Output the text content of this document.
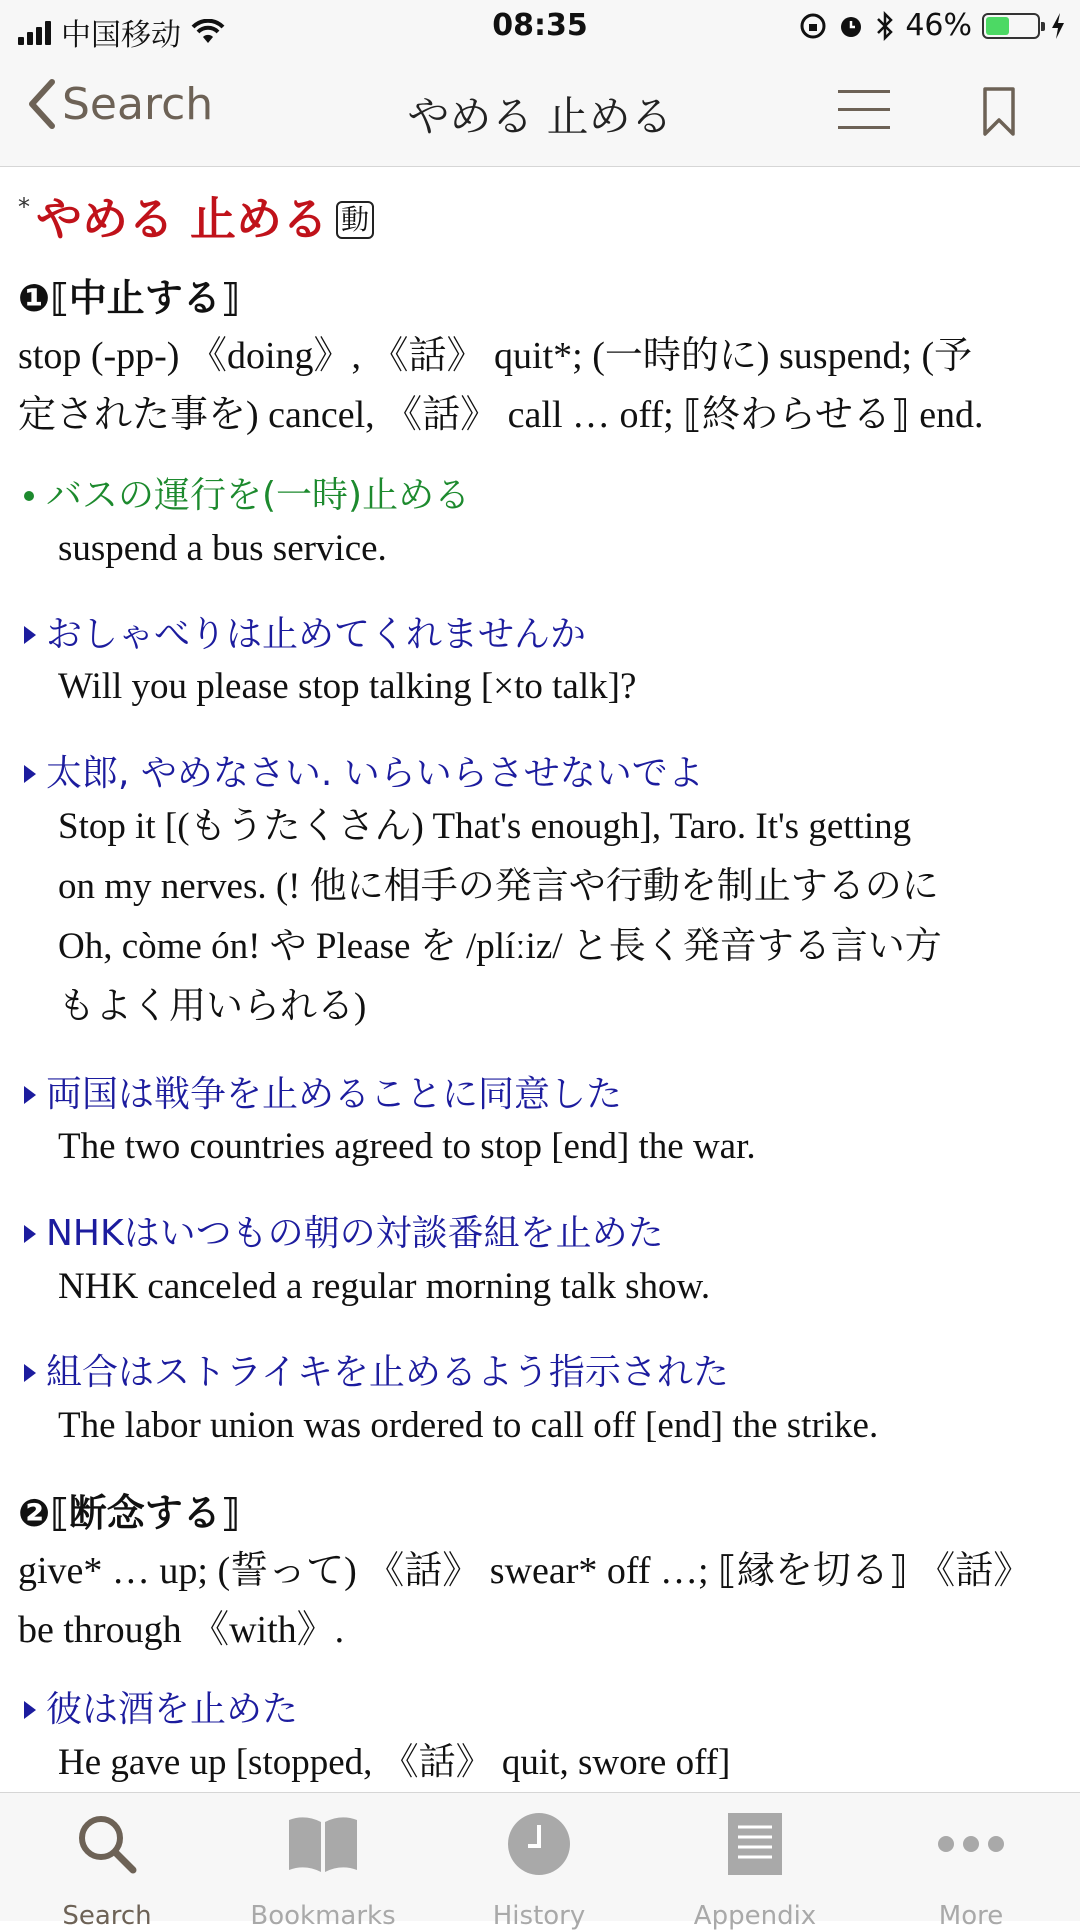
中国移动	08:35	46%
Search	やめる 止める
* やめる 止める 動
❶⟦中止する⟧
stop (-pp-) 《doing》, 《話》 quit*; (一時的に) suspend; (予
定された事を) cancel, 《話》 call … off; ⟦終わらせる⟧ end.
バスの運行を(一時)止める
suspend a bus service.
おしゃべりは止めてくれませんか
Will you please stop talking [×to talk]?
太郎, やめなさい. いらいらさせないでよ
Stop it [(もうたくさん) That's enough], Taro. It's getting
on my nerves. (! 他に相手の発言や行動を制止するのに
Oh, còme ón! や Please を /plíːiz/ と長く発音する言い方
もよく用いられる)
両国は戦争を止めることに同意した
The two countries agreed to stop [end] the war.
NHKはいつもの朝の対談番組を止めた
NHK canceled a regular morning talk show.
組合はストライキを止めるよう指示された
The labor union was ordered to call off [end] the strike.
❷⟦断念する⟧
give* … up; (誓って) 《話》 swear* off …; ⟦縁を切る⟧ 《話》
be through 《with》.
彼は酒を止めた
He gave up [stopped, 《話》 quit, swore off]
Search	Bookmarks	History	Appendix	More
